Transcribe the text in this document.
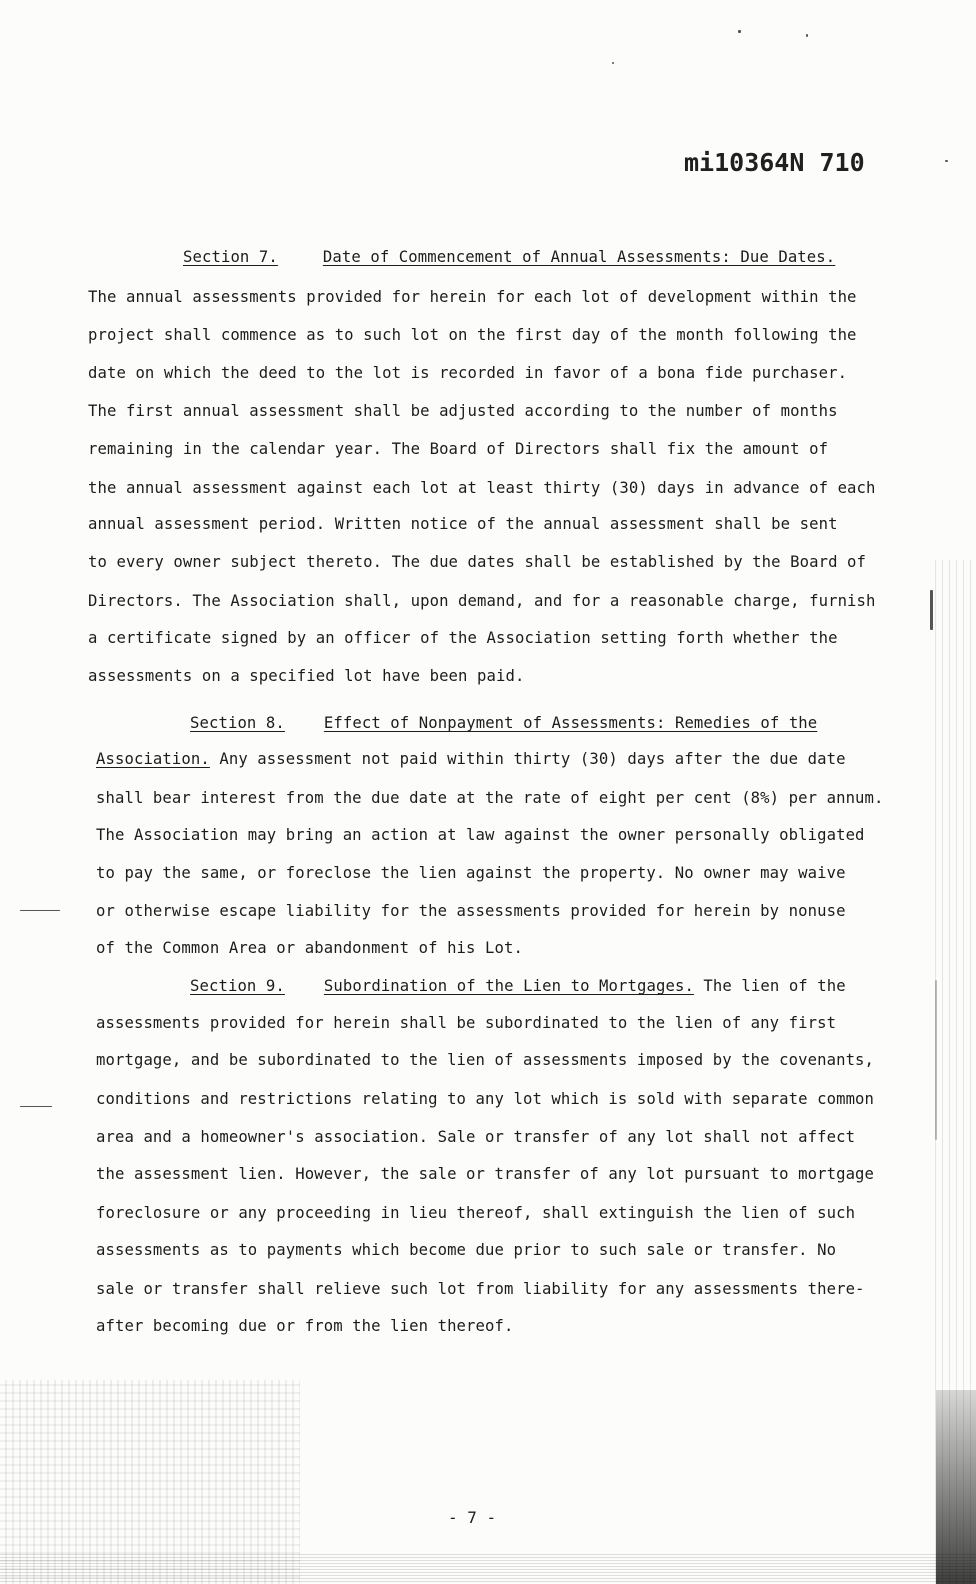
mi10364N 710
Section 7.	Date of Commencement of Annual Assessments: Due Dates.
The annual assessments provided for herein for each lot of development within the
project shall commence as to such lot on the first day of the month following the
date on which the deed to the lot is recorded in favor of a bona fide purchaser.
The first annual assessment shall be adjusted according to the number of months
remaining in the calendar year. The Board of Directors shall fix the amount of
the annual assessment against each lot at least thirty (30) days in advance of each
annual assessment period. Written notice of the annual assessment shall be sent
to every owner subject thereto. The due dates shall be established by the Board of
Directors. The Association shall, upon demand, and for a reasonable charge, furnish
a certificate signed by an officer of the Association setting forth whether the
assessments on a specified lot have been paid.
Section 8.	Effect of Nonpayment of Assessments: Remedies of the
Association. Any assessment not paid within thirty (30) days after the due date
shall bear interest from the due date at the rate of eight per cent (8%) per annum.
The Association may bring an action at law against the owner personally obligated
to pay the same, or foreclose the lien against the property. No owner may waive
or otherwise escape liability for the assessments provided for herein by nonuse
of the Common Area or abandonment of his Lot.
Section 9.	Subordination of the Lien to Mortgages. The lien of the
assessments provided for herein shall be subordinated to the lien of any first
mortgage, and be subordinated to the lien of assessments imposed by the covenants,
conditions and restrictions relating to any lot which is sold with separate common
area and a homeowner's association. Sale or transfer of any lot shall not affect
the assessment lien. However, the sale or transfer of any lot pursuant to mortgage
foreclosure or any proceeding in lieu thereof, shall extinguish the lien of such
assessments as to payments which become due prior to such sale or transfer. No
sale or transfer shall relieve such lot from liability for any assessments there-
after becoming due or from the lien thereof.
- 7 -
